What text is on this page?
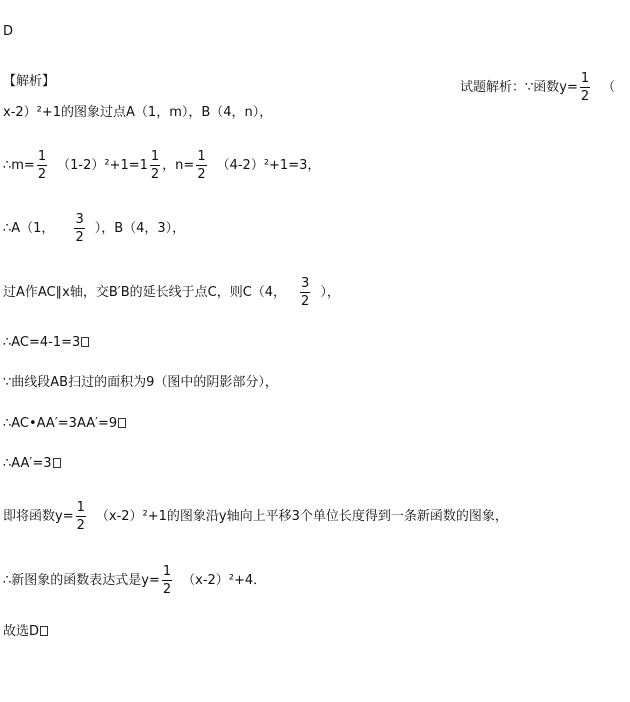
D
【解析】	试题解析：∵函数$y= \frac{1}{2}$ （
x-2）²+1的图象过点A（1，m），B（4，n），
∴m= $\frac{1}{2} (1-2)^2+1=1 \frac{1}{2}$ ，$n= \frac{1}{2} (4-2)^2+1=3$，
∴A（1， $\frac{3}{2}$ ），B（4，3），
过A作AC∥x轴，交B′B的延长线于点C，则C（4， $\frac{3}{2}$ ），
∴AC=4-1=3
∵曲线段AB扫过的面积为9（图中的阴影部分），
∴AC•AA′=3AA′=9
∴AA′=3
即将函数$y= \frac{1}{2} (x-2)^2+1$的图象沿y轴向上平移3个单位长度得到一条新函数的图象，
∴新图象的函数表达式是$y= \frac{1}{2} (x-2)^2+4$．
故选D
